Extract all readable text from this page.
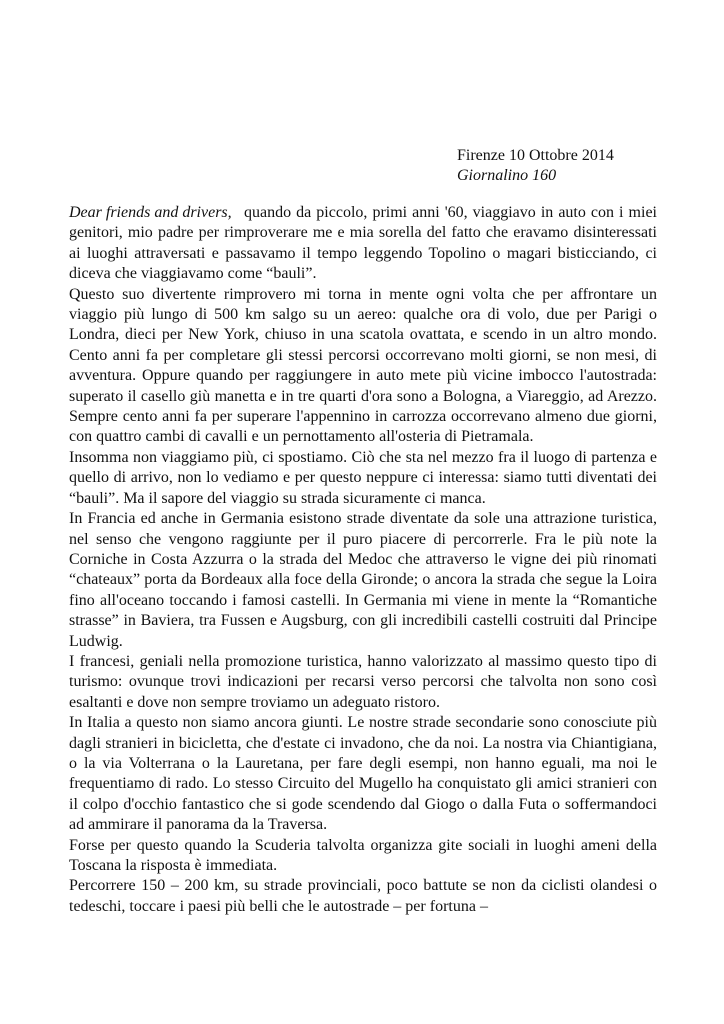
Firenze 10 Ottobre 2014
Giornalino 160
Dear friends and drivers, quando da piccolo, primi anni '60, viaggiavo in auto con i miei genitori, mio padre per rimproverare me e mia sorella del fatto che eravamo disinteressati ai luoghi attraversati e passavamo il tempo leggendo Topolino o magari bisticciando, ci diceva che viaggiavamo come “bauli”.

Questo suo divertente rimprovero mi torna in mente ogni volta che per affrontare un viaggio più lungo di 500 km salgo su un aereo: qualche ora di volo, due per Parigi o Londra, dieci per New York, chiuso in una scatola ovattata, e scendo in un altro mondo. Cento anni fa per completare gli stessi percorsi occorrevano molti giorni, se non mesi, di avventura. Oppure quando per raggiungere in auto mete più vicine imbocco l'autostrada: superato il casello giù manetta e in tre quarti d'ora sono a Bologna, a Viareggio, ad Arezzo. Sempre cento anni fa per superare l'appennino in carrozza occorrevano almeno due giorni, con quattro cambi di cavalli e un pernottamento all'osteria di Pietramala.

Insomma non viaggiamo più, ci spostiamo. Ciò che sta nel mezzo fra il luogo di partenza e quello di arrivo, non lo vediamo e per questo neppure ci interessa: siamo tutti diventati dei “bauli”. Ma il sapore del viaggio su strada sicuramente ci manca.

In Francia ed anche in Germania esistono strade diventate da sole una attrazione turistica, nel senso che vengono raggiunte per il puro piacere di percorrerle. Fra le più note la Corniche in Costa Azzurra o la strada del Medoc che attraverso le vigne dei più rinomati “chateaux” porta da Bordeaux alla foce della Gironde; o ancora la strada che segue la Loira fino all'oceano toccando i famosi castelli. In Germania mi viene in mente la “Romantiche strasse” in Baviera, tra Fussen e Augsburg, con gli incredibili castelli costruiti dal Principe Ludwig.

I francesi, geniali nella promozione turistica, hanno valorizzato al massimo questo tipo di turismo: ovunque trovi indicazioni per recarsi verso percorsi che talvolta non sono così esaltanti e dove non sempre troviamo un adeguato ristoro.

In Italia a questo non siamo ancora giunti. Le nostre strade secondarie sono conosciute più dagli stranieri in bicicletta, che d'estate ci invadono, che da noi. La nostra via Chiantigiana, o la via Volterrana o la Lauretana, per fare degli esempi, non hanno eguali, ma noi le frequentiamo di rado. Lo stesso Circuito del Mugello ha conquistato gli amici stranieri con il colpo d'occhio fantastico che si gode scendendo dal Giogo o dalla Futa o soffermandoci ad ammirare il panorama da la Traversa.

Forse per questo quando la Scuderia talvolta organizza gite sociali in luoghi ameni della Toscana la risposta è immediata.

Percorrere 150 – 200 km, su strade provinciali, poco battute se non da ciclisti olandesi o tedeschi, toccare i paesi più belli che le autostrade – per fortuna –
